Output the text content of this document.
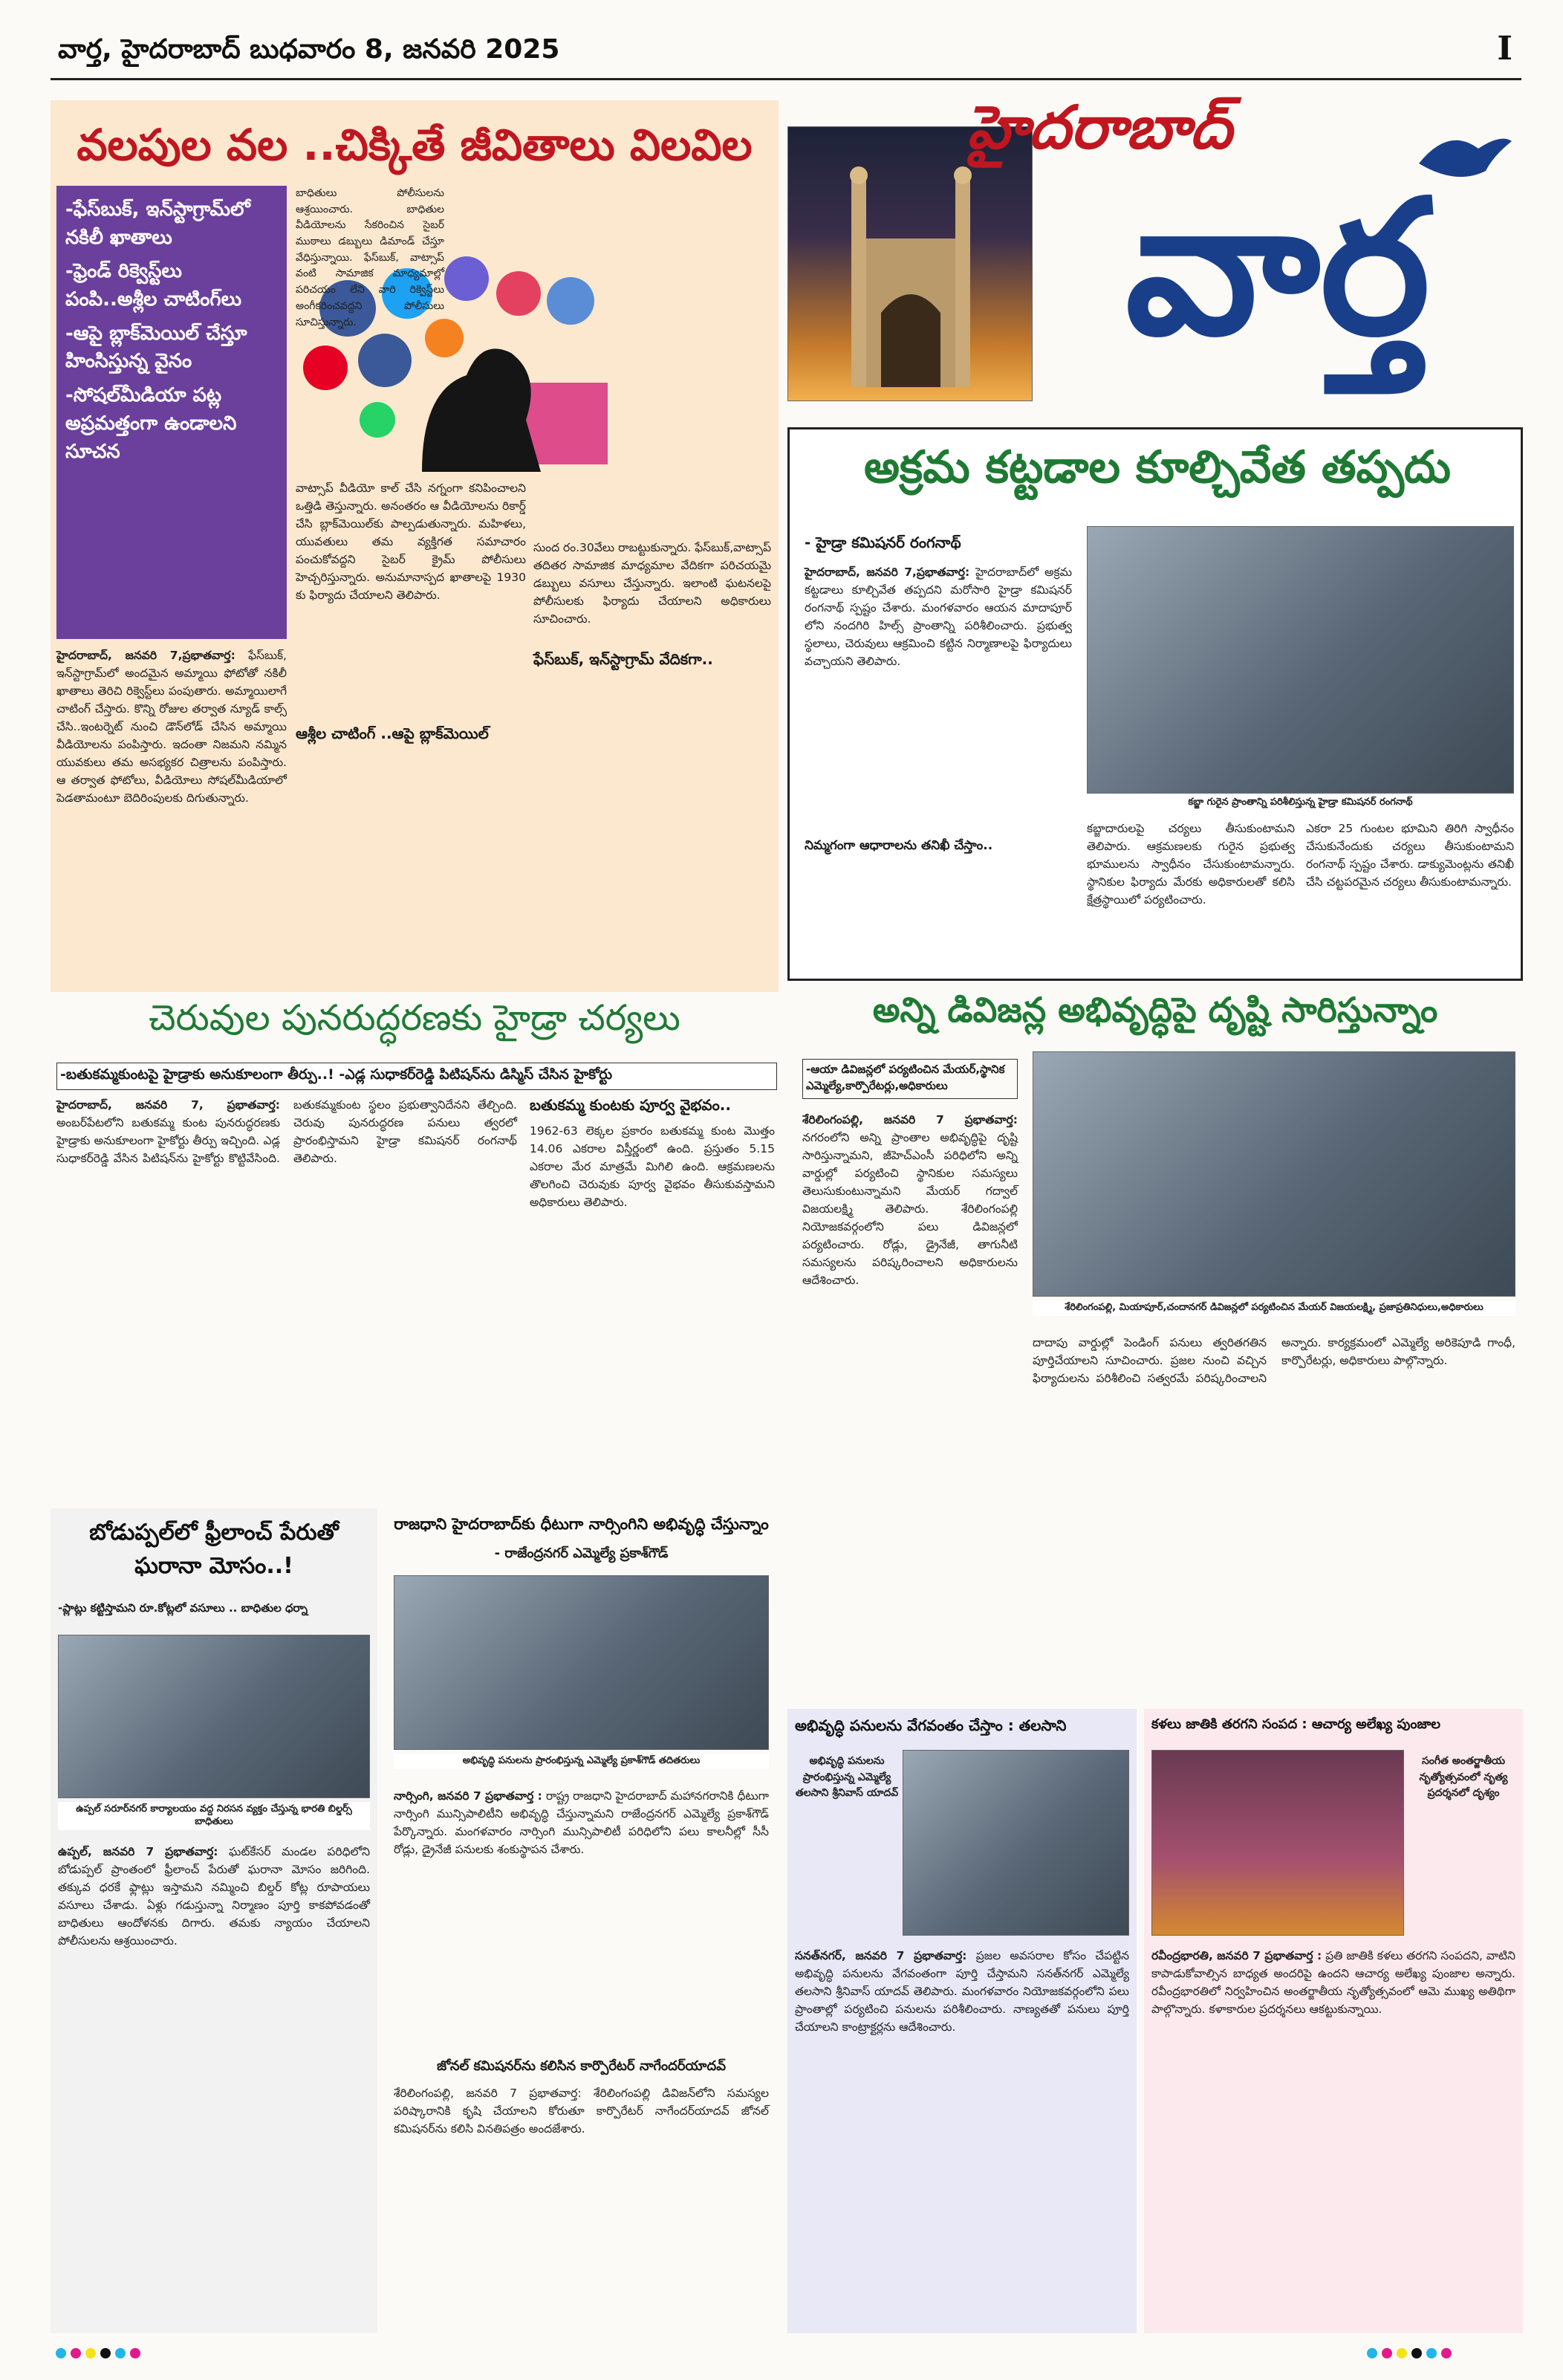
వార్త, హైదరాబాద్ బుధవారం 8, జనవరి 2025	I
వలపుల వల ..చిక్కితే జీవితాలు విలవిల
-ఫేస్‌బుక్, ఇన్‌స్టాగ్రామ్‌లో నకిలీ ఖాతాలు
-ఫ్రెండ్ రిక్వెస్ట్‌లు పంపి..అశ్లీల చాటింగ్‌లు
-ఆపై బ్లాక్‌మెయిల్ చేస్తూ హింసిస్తున్న వైనం
-సోషల్‌మీడియా పట్ల అప్రమత్తంగా ఉండాలని సూచన
బాధితులు పోలీసులను ఆశ్రయించారు. బాధితుల వీడియోలను సేకరించిన సైబర్ ముఠాలు డబ్బులు డిమాండ్ చేస్తూ వేధిస్తున్నాయి. ఫేస్‌బుక్, వాట్సాప్ వంటి సామాజిక మాధ్యమాల్లో పరిచయం లేని వారి రిక్వెస్ట్‌లు అంగీకరించవద్దని పోలీసులు సూచిస్తున్నారు.
వాట్సాప్ వీడియో కాల్ చేసి నగ్నంగా కనిపించాలని ఒత్తిడి తెస్తున్నారు. అనంతరం ఆ వీడియోలను రికార్డ్ చేసి బ్లాక్‌మెయిల్‌కు పాల్పడుతున్నారు. మహిళలు, యువతులు తమ వ్యక్తిగత సమాచారం పంచుకోవద్దని సైబర్ క్రైమ్ పోలీసులు హెచ్చరిస్తున్నారు. అనుమానాస్పద ఖాతాలపై 1930 కు ఫిర్యాదు చేయాలని తెలిపారు.
సుంద రం.30వేలు రాబట్టుకున్నారు. ఫేస్‌బుక్,వాట్సాప్ తదితర సామాజిక మాధ్యమాల వేదికగా పరిచయమై డబ్బులు వసూలు చేస్తున్నారు. ఇలాంటి ఘటనలపై పోలీసులకు ఫిర్యాదు చేయాలని అధికారులు సూచించారు.
ఫేస్‌బుక్, ఇన్‌స్టాగ్రామ్ వేదికగా..
ఆశ్లీల చాటింగ్ ..ఆపై బ్లాక్‌మెయిల్
హైదరాబాద్, జనవరి 7,ప్రభాతవార్త: ఫేస్‌బుక్, ఇన్‌స్టాగ్రామ్‌లో అందమైన అమ్మాయి ఫోటోతో నకిలీ ఖాతాలు తెరిచి రిక్వెస్ట్‌లు పంపుతారు. అమ్మాయిలాగే చాటింగ్ చేస్తారు. కొన్ని రోజుల తర్వాత న్యూడ్ కాల్స్ చేసి..ఇంటర్నెట్ నుంచి డౌన్‌లోడ్ చేసిన అమ్మాయి వీడియోలను పంపిస్తారు. ఇదంతా నిజమని నమ్మిన యువకులు తమ అసభ్యకర చిత్రాలను పంపిస్తారు. ఆ తర్వాత ఫోటోలు, వీడియోలు సోషల్‌మీడియాలో పెడతామంటూ బెదిరింపులకు దిగుతున్నారు.
హైదరాబాద్
వార్త
అక్రమ కట్టడాల కూల్చివేత తప్పదు
- హైడ్రా కమిషనర్ రంగనాథ్
హైదరాబాద్, జనవరి 7,ప్రభాతవార్త: హైదరాబాద్‌లో అక్రమ కట్టడాలు కూల్చివేత తప్పదని మరోసారి హైడ్రా కమిషనర్ రంగనాథ్ స్పష్టం చేశారు. మంగళవారం ఆయన మాదాపూర్ లోని నందగిరి హిల్స్ ప్రాంతాన్ని పరిశీలించారు. ప్రభుత్వ స్థలాలు, చెరువులు ఆక్రమించి కట్టిన నిర్మాణాలపై ఫిర్యాదులు వచ్చాయని తెలిపారు.
కబ్జా గురైన ప్రాంతాన్ని పరిశీలిస్తున్న హైడ్రా కమిషనర్ రంగనాథ్
కబ్జాదారులపై చర్యలు తీసుకుంటామని తెలిపారు. ఆక్రమణలకు గురైన ప్రభుత్వ భూములను స్వాధీనం చేసుకుంటామన్నారు. స్థానికుల ఫిర్యాదు మేరకు అధికారులతో కలిసి క్షేత్రస్థాయిలో పర్యటించారు.
నిమ్మగంగా ఆధారాలను తనిఖీ చేస్తాం..
ఎకరా 25 గుంటల భూమిని తిరిగి స్వాధీనం చేసుకునేందుకు చర్యలు తీసుకుంటామని రంగనాథ్ స్పష్టం చేశారు. డాక్యుమెంట్లను తనిఖీ చేసి చట్టపరమైన చర్యలు తీసుకుంటామన్నారు.
అన్ని డివిజన్ల అభివృద్ధిపై దృష్టి సారిస్తున్నాం
-ఆయా డివిజన్లలో పర్యటించిన మేయర్,స్థానిక ఎమ్మెల్యే,కార్పొరేటర్లు,అధికారులు
శేరిలింగంపల్లి, జనవరి 7 ప్రభాతవార్త: నగరంలోని అన్ని ప్రాంతాల అభివృద్ధిపై దృష్టి సారిస్తున్నామని, జీహెచ్‌ఎంసీ పరిధిలోని అన్ని వార్డుల్లో పర్యటించి స్థానికుల సమస్యలు తెలుసుకుంటున్నామని మేయర్ గద్వాల్ విజయలక్ష్మి తెలిపారు. శేరిలింగంపల్లి నియోజకవర్గంలోని పలు డివిజన్లలో పర్యటించారు. రోడ్లు, డ్రైనేజీ, తాగునీటి సమస్యలను పరిష్కరించాలని అధికారులను ఆదేశించారు.
శేరిలింగంపల్లి, మియాపూర్,చందానగర్ డివిజన్లలో పర్యటించిన మేయర్ విజయలక్ష్మి, ప్రజాప్రతినిధులు,అధికారులు
దాదాపు వార్డుల్లో పెండింగ్ పనులు త్వరితగతిన పూర్తిచేయాలని సూచించారు. ప్రజల నుంచి వచ్చిన ఫిర్యాదులను పరిశీలించి సత్వరమే పరిష్కరించాలని అన్నారు. కార్యక్రమంలో ఎమ్మెల్యే అరికెపూడి గాంధీ, కార్పొరేటర్లు, అధికారులు పాల్గొన్నారు.
చెరువుల పునరుద్ధరణకు హైడ్రా చర్యలు
-బతుకమ్మకుంటపై హైడ్రాకు అనుకూలంగా తీర్పు..! -ఎడ్ల సుధాకర్‌రెడ్డి పిటిషన్‌ను డిస్మిస్ చేసిన హైకోర్టు
హైదరాబాద్, జనవరి 7, ప్రభాతవార్త: అంబర్‌పేటలోని బతుకమ్మ కుంట పునరుద్ధరణకు హైడ్రాకు అనుకూలంగా హైకోర్టు తీర్పు ఇచ్చింది. ఎడ్ల సుధాకర్‌రెడ్డి వేసిన పిటిషన్‌ను హైకోర్టు కొట్టివేసింది. బతుకమ్మకుంట స్థలం ప్రభుత్వానిదేనని తేల్చింది. చెరువు పునరుద్ధరణ పనులు త్వరలో ప్రారంభిస్తామని హైడ్రా కమిషనర్ రంగనాథ్ తెలిపారు.
బతుకమ్మ కుంటకు పూర్వ వైభవం..
1962-63 లెక్కల ప్రకారం బతుకమ్మ కుంట మొత్తం 14.06 ఎకరాల విస్తీర్ణంలో ఉంది. ప్రస్తుతం 5.15 ఎకరాల మేర మాత్రమే మిగిలి ఉంది. ఆక్రమణలను తొలగించి చెరువుకు పూర్వ వైభవం తీసుకువస్తామని అధికారులు తెలిపారు.
బోడుప్పల్‌లో ఫ్రీలాంచ్ పేరుతో ఘరానా మోసం..!
-ప్లాట్లు కట్టిస్తామని రూ.కోట్లలో వసూలు .. బాధితుల ధర్నా
ఉప్పల్ సరూర్‌నగర్ కార్యాలయం వద్ద నిరసన వ్యక్తం చేస్తున్న భారతి బిల్డర్స్ బాధితులు
ఉప్పల్, జనవరి 7 ప్రభాతవార్త: ఘట్‌కేసర్ మండల పరిధిలోని బోడుప్పల్ ప్రాంతంలో ఫ్రీలాంచ్ పేరుతో ఘరానా మోసం జరిగింది. తక్కువ ధరకే ఫ్లాట్లు ఇస్తామని నమ్మించి బిల్డర్ కోట్ల రూపాయలు వసూలు చేశాడు. ఏళ్లు గడుస్తున్నా నిర్మాణం పూర్తి కాకపోవడంతో బాధితులు ఆందోళనకు దిగారు. తమకు న్యాయం చేయాలని పోలీసులను ఆశ్రయించారు.
రాజధాని హైదరాబాద్‌కు ధీటుగా నార్సింగిని అభివృద్ధి చేస్తున్నాం
- రాజేంద్రనగర్ ఎమ్మెల్యే ప్రకాశ్‌గౌడ్
అభివృద్ధి పనులను ప్రారంభిస్తున్న ఎమ్మెల్యే ప్రకాశ్‌గౌడ్ తదితరులు
నార్సింగి, జనవరి 7 ప్రభాతవార్త : రాష్ట్ర రాజధాని హైదరాబాద్ మహానగరానికి ధీటుగా నార్సింగి మున్సిపాలిటీని అభివృద్ధి చేస్తున్నామని రాజేంద్రనగర్ ఎమ్మెల్యే ప్రకాశ్‌గౌడ్ పేర్కొన్నారు. మంగళవారం నార్సింగి మున్సిపాలిటీ పరిధిలోని పలు కాలనీల్లో సీసీ రోడ్లు, డ్రైనేజీ పనులకు శంకుస్థాపన చేశారు.
జోనల్ కమిషనర్‌ను కలిసిన కార్పొరేటర్ నాగేందర్‌యాదవ్
శేరిలింగంపల్లి, జనవరి 7 ప్రభాతవార్త: శేరిలింగంపల్లి డివిజన్‌లోని సమస్యల పరిష్కారానికి కృషి చేయాలని కోరుతూ కార్పొరేటర్ నాగేందర్‌యాదవ్ జోనల్ కమిషనర్‌ను కలిసి వినతిపత్రం అందజేశారు.
అభివృద్ధి పనులను వేగవంతం చేస్తాం : తలసాని
అభివృద్ధి పనులను ప్రారంభిస్తున్న ఎమ్మెల్యే తలసాని శ్రీనివాస్ యాదవ్
సనత్‌నగర్, జనవరి 7 ప్రభాతవార్త: ప్రజల అవసరాల కోసం చేపట్టిన అభివృద్ధి పనులను వేగవంతంగా పూర్తి చేస్తామని సనత్‌నగర్ ఎమ్మెల్యే తలసాని శ్రీనివాస్ యాదవ్ తెలిపారు. మంగళవారం నియోజకవర్గంలోని పలు ప్రాంతాల్లో పర్యటించి పనులను పరిశీలించారు. నాణ్యతతో పనులు పూర్తి చేయాలని కాంట్రాక్టర్లను ఆదేశించారు.
కళలు జాతికి తరగని సంపద : ఆచార్య అలేఖ్య పుంజాల
సంగీత అంతర్జాతీయ నృత్యోత్సవంలో నృత్య ప్రదర్శనలో దృశ్యం
రవీంద్రభారతి, జనవరి 7 ప్రభాతవార్త : ప్రతి జాతికి కళలు తరగని సంపదని, వాటిని కాపాడుకోవాల్సిన బాధ్యత అందరిపై ఉందని ఆచార్య అలేఖ్య పుంజాల అన్నారు. రవీంద్రభారతిలో నిర్వహించిన అంతర్జాతీయ నృత్యోత్సవంలో ఆమె ముఖ్య అతిథిగా పాల్గొన్నారు. కళాకారుల ప్రదర్శనలు ఆకట్టుకున్నాయి.
